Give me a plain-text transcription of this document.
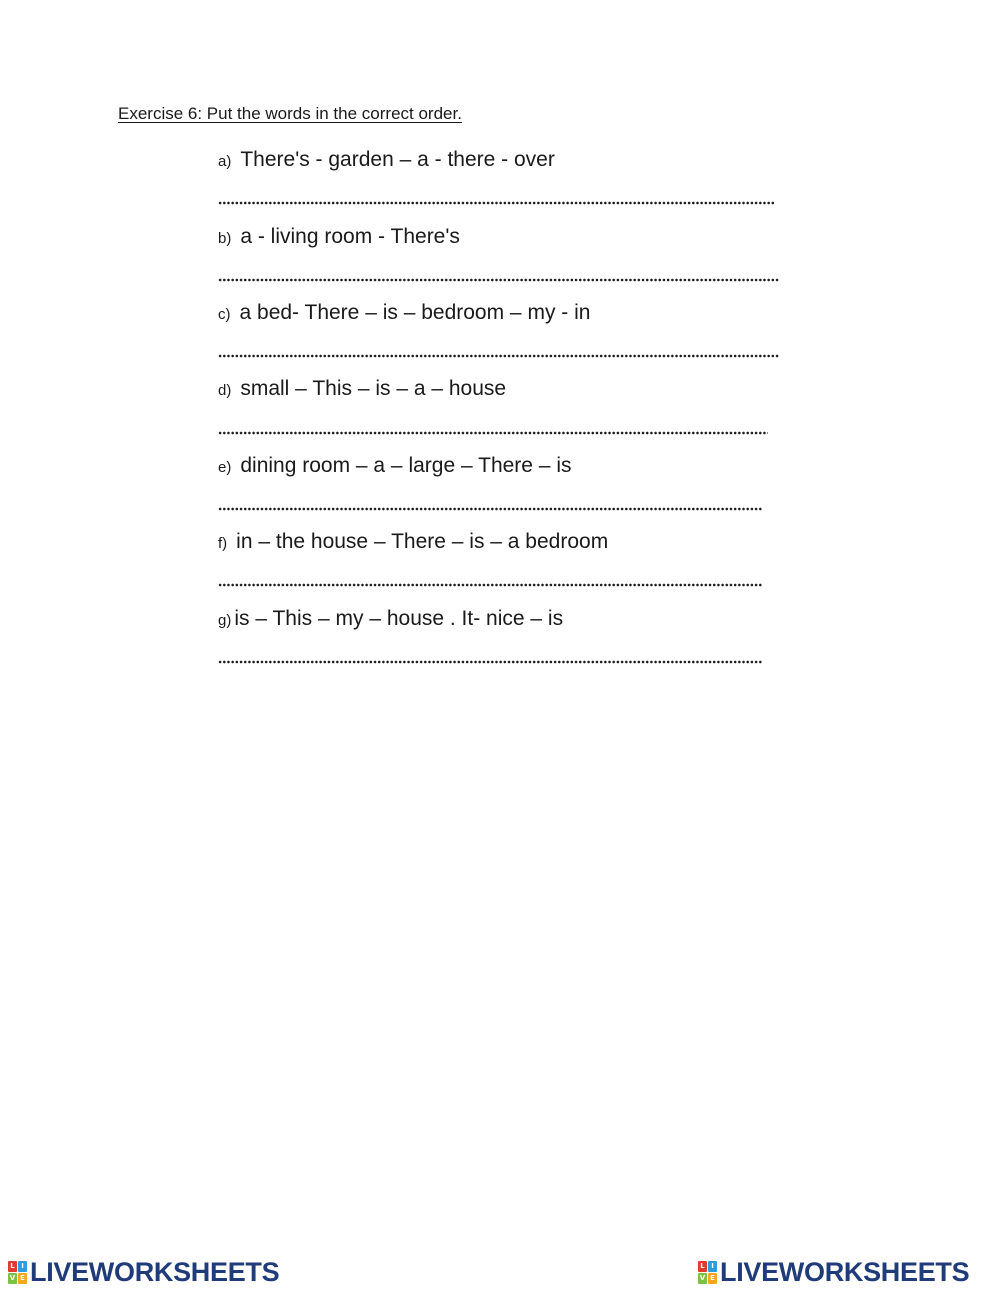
Exercise 6: Put the words in the correct order.
a) There's - garden – a - there - over
b) a - living room - There's
c) a bed- There – is – bedroom – my - in
d) small – This – is – a – house
e) dining room – a – large – There – is
f) in – the house – There – is – a bedroom
g) is – This – my – house . It- nice – is
L I
V E LIVEWORKSHEETS	L I
V E LIVEWORKSHEETS
